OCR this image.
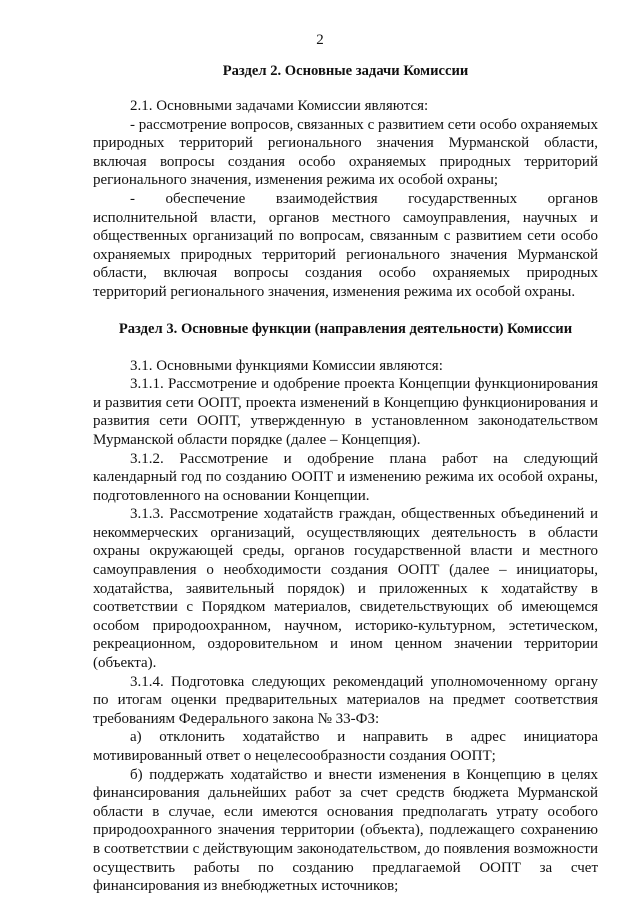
2
Раздел 2. Основные задачи Комиссии

2.1. Основными задачами Комиссии являются:

- рассмотрение вопросов, связанных с развитием сети особо охраняемых природных территорий регионального значения Мурманской области, включая вопросы создания особо охраняемых природных территорий регионального значения, изменения режима их особой охраны;

- обеспечение взаимодействия государственных органов исполнительной власти, органов местного самоуправления, научных и общественных организаций по вопросам, связанным с развитием сети особо охраняемых природных территорий регионального значения Мурманской области, включая вопросы создания особо охраняемых природных территорий регионального значения, изменения режима их особой охраны.

Раздел 3. Основные функции (направления деятельности) Комиссии

3.1. Основными функциями Комиссии являются:

3.1.1. Рассмотрение и одобрение проекта Концепции функционирования и развития сети ООПТ, проекта изменений в Концепцию функционирования и развития сети ООПТ, утвержденную в установленном законодательством Мурманской области порядке (далее – Концепция).

3.1.2. Рассмотрение и одобрение плана работ на следующий календарный год по созданию ООПТ и изменению режима их особой охраны, подготовленного на основании Концепции.

3.1.3. Рассмотрение ходатайств граждан, общественных объединений и некоммерческих организаций, осуществляющих деятельность в области охраны окружающей среды, органов государственной власти и местного самоуправления о необходимости создания ООПТ (далее – инициаторы, ходатайства, заявительный порядок) и приложенных к ходатайству в соответствии с Порядком материалов, свидетельствующих об имеющемся особом природоохранном, научном, историко-культурном, эстетическом, рекреационном, оздоровительном и ином ценном значении территории (объекта).

3.1.4. Подготовка следующих рекомендаций уполномоченному органу по итогам оценки предварительных материалов на предмет соответствия требованиям Федерального закона № 33-ФЗ:

а) отклонить ходатайство и направить в адрес инициатора мотивированный ответ о нецелесообразности создания ООПТ;

б) поддержать ходатайство и внести изменения в Концепцию в целях финансирования дальнейших работ за счет средств бюджета Мурманской области в случае, если имеются основания предполагать утрату особого природоохранного значения территории (объекта), подлежащего сохранению в соответствии с действующим законодательством, до появления возможности осуществить работы по созданию предлагаемой ООПТ за счет финансирования из внебюджетных источников;
